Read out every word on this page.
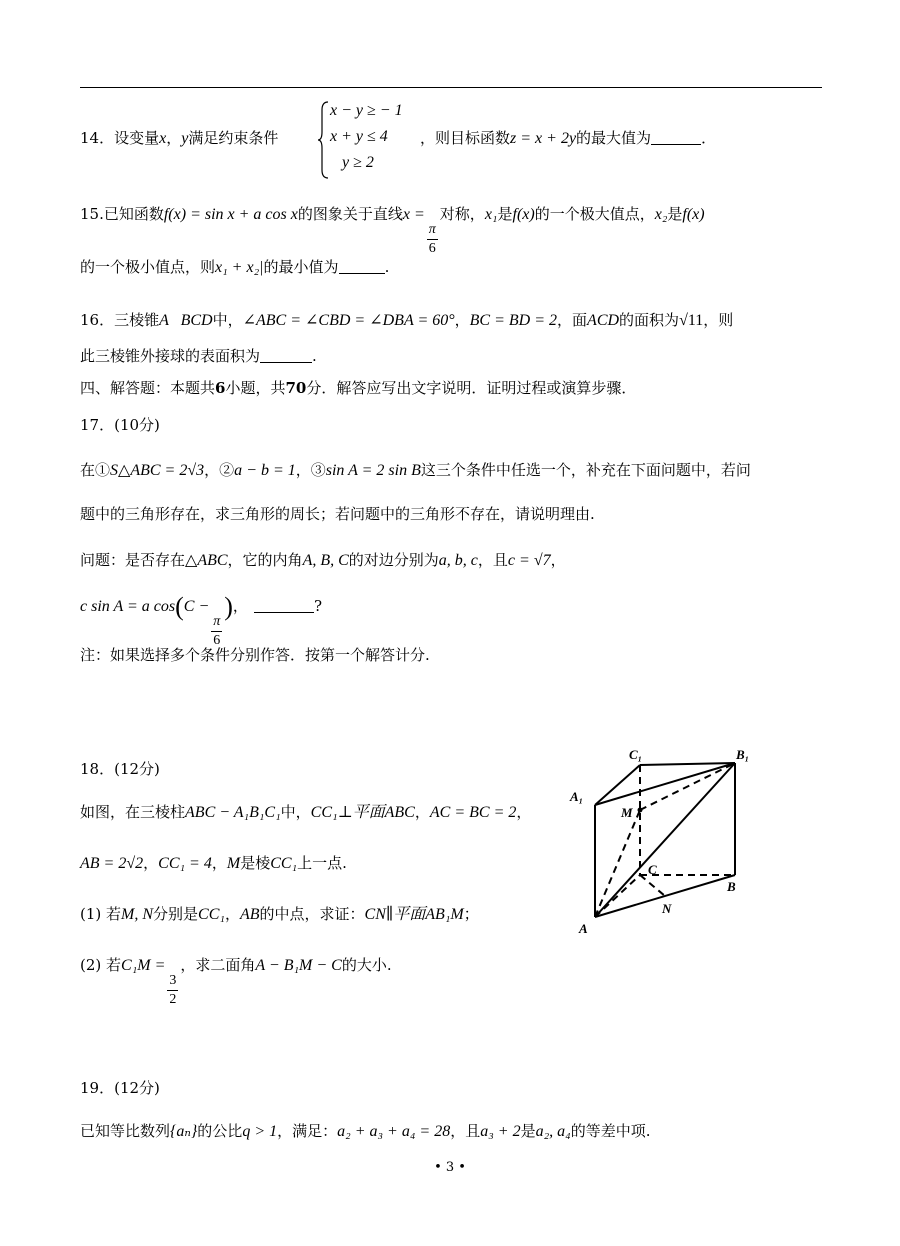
14．设变量x，y满足约束条件
x − y ≥ − 1
x + y ≤ 4
y ≥ 2
，则目标函数z = x + 2y的最大值为	．
15.已知函数f(x) = sin x + a cos x的图象关于直线x =
$\frac{\pi}{6}$
对称，x₁是f(x)的一个极大值点，x₂是f(x)
的一个极小值点，则x₁ + x₂|的最小值为	.
16．三棱锥A   BCD中，∠ABC = ∠CBD = ∠DBA = 60°，BC = BD = 2，面ACD的面积为√11，则
此三棱锥外接球的表面积为	.
四、解答题：本题共6小题，共70分．解答应写出文字说明．证明过程或演算步骤．
17．(10分)
在①S△ABC = 2√3，②a − b = 1，③sin A = 2 sin B这三个条件中任选一个，补充在下面问题中，若问
题中的三角形存在，求三角形的周长；若问题中的三角形不存在，请说明理由.
问题：是否存在△ABC，它的内角A, B, C的对边分别为a, b, c，且c = √7，
c sin A = a cos(C −
$\frac{\pi}{6}$
)，	?
注：如果选择多个条件分别作答．按第一个解答计分.
18．(12分)
如图，在三棱柱ABC − A₁B₁C₁中，CC₁⊥平面ABC，AC = BC = 2，
AB = 2√2，CC₁ = 4，M是棱CC₁上一点.
(1) 若M, N分别是CC₁，AB的中点，求证：CN∥平面AB₁M；
(2) 若C₁M =
$\frac{3}{2}$
，求二面角A − B₁M − C的大小.
C₁	B₁
A₁
M
C
B
N
A
19．(12分)
已知等比数列{aₙ}的公比q > 1，满足：a₂ + a₃ + a₄ = 28，且a₃ + 2是a₂, a₄的等差中项.
• 3 •
